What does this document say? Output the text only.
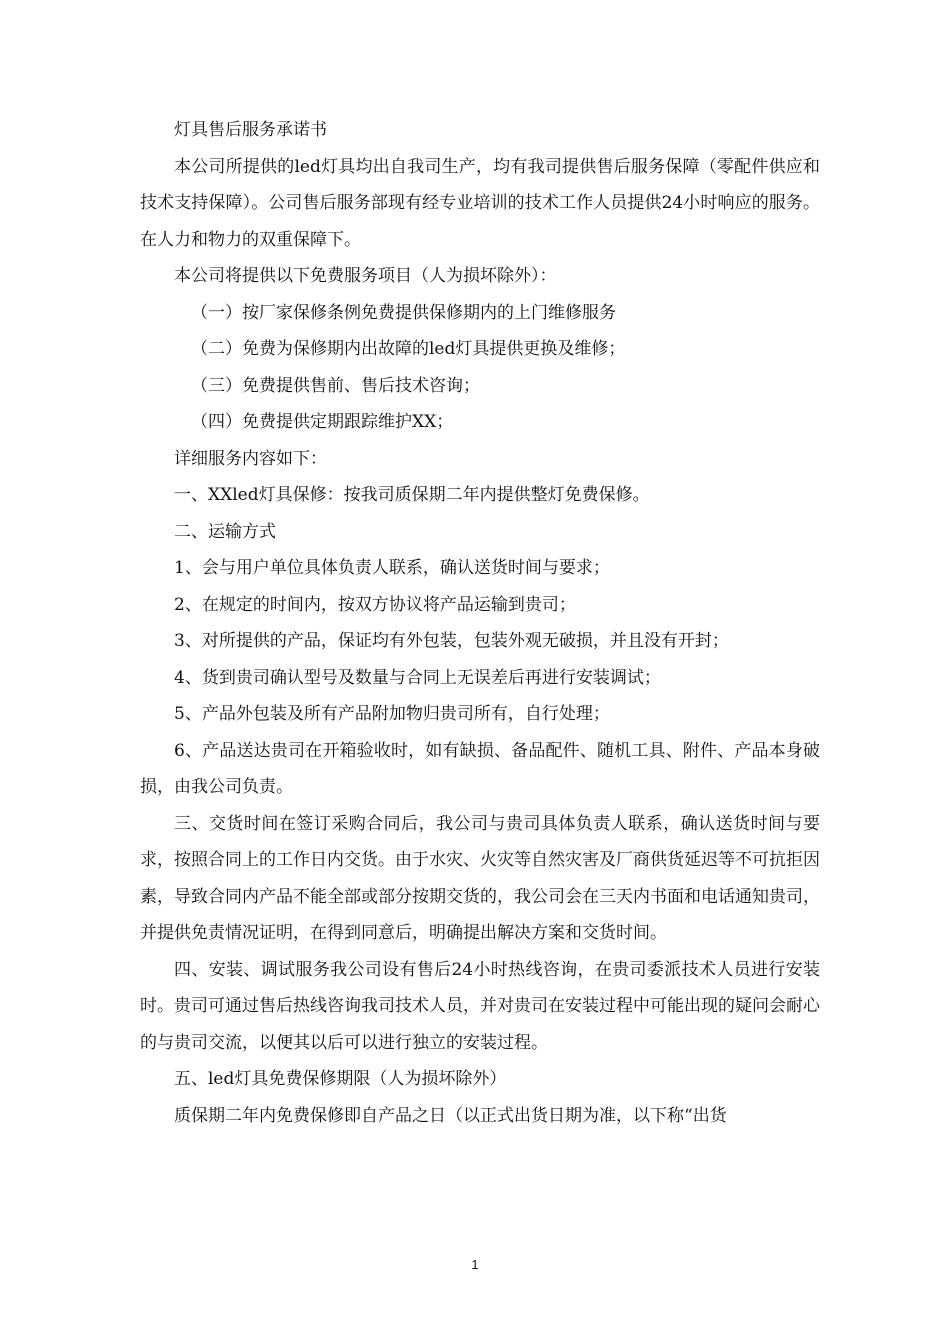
灯具售后服务承诺书

本公司所提供的led灯具均出自我司生产，均有我司提供售后服务保障（零配件供应和技术支持保障）。公司售后服务部现有经专业培训的技术工作人员提供24小时响应的服务。在人力和物力的双重保障下。

本公司将提供以下免费服务项目（人为损坏除外）：

（一）按厂家保修条例免费提供保修期内的上门维修服务

（二）免费为保修期内出故障的led灯具提供更换及维修；

（三）免费提供售前、售后技术咨询；

（四）免费提供定期跟踪维护XX；

详细服务内容如下：

一、XXled灯具保修：按我司质保期二年内提供整灯免费保修。

二、运输方式

1、会与用户单位具体负责人联系，确认送货时间与要求；

2、在规定的时间内，按双方协议将产品运输到贵司；

3、对所提供的产品，保证均有外包装，包装外观无破损，并且没有开封；

4、货到贵司确认型号及数量与合同上无误差后再进行安装调试；

5、产品外包装及所有产品附加物归贵司所有，自行处理；

6、产品送达贵司在开箱验收时，如有缺损、备品配件、随机工具、附件、产品本身破损，由我公司负责。

三、交货时间在签订采购合同后，我公司与贵司具体负责人联系，确认送货时间与要求，按照合同上的工作日内交货。由于水灾、火灾等自然灾害及厂商供货延迟等不可抗拒因素，导致合同内产品不能全部或部分按期交货的，我公司会在三天内书面和电话通知贵司，并提供免责情况证明，在得到同意后，明确提出解决方案和交货时间。

四、安装、调试服务我公司设有售后24小时热线咨询，在贵司委派技术人员进行安装时。贵司可通过售后热线咨询我司技术人员，并对贵司在安装过程中可能出现的疑问会耐心的与贵司交流，以便其以后可以进行独立的安装过程。

五、led灯具免费保修期限（人为损坏除外）

质保期二年内免费保修即自产品之日（以正式出货日期为准，以下称“出货

1
